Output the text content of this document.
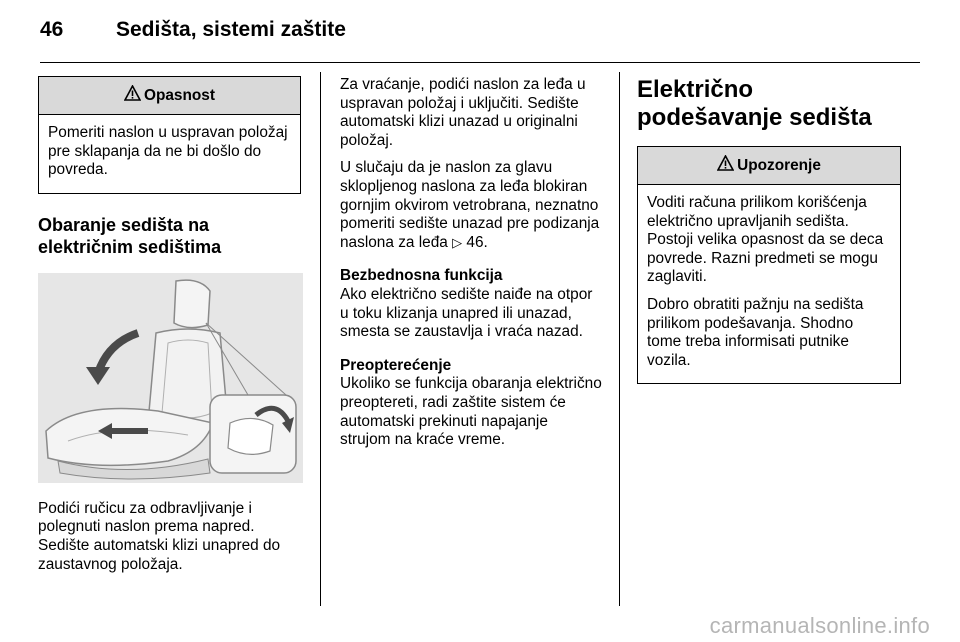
46	Sedišta, sistemi zaštite
Opasnost

Pomeriti naslon u uspravan položaj pre sklapanja da ne bi došlo do povreda.

Obaranje sedišta na električnim sedištima

Podići ručicu za odbravljivanje i polegnuti naslon prema napred. Sedište automatski klizi unapred do zaustavnog položaja.

Za vraćanje, podići naslon za leđa u uspravan položaj i uključiti. Sedište automatski klizi unazad u originalni položaj.

U slučaju da je naslon za glavu sklopljenog naslona za leđa blokiran gornjim okvirom vetrobrana, neznatno pomeriti sedište unazad pre podizanja naslona za leđa ▷ 46.

Bezbednosna funkcija

Ako električno sedište naiđe na otpor u toku klizanja unapred ili unazad, smesta se zaustavlja i vraća nazad.

Preopterećenje

Ukoliko se funkcija obaranja električno preoptereti, radi zaštite sistem će automatski prekinuti napajanje strujom na kraće vreme.

Električno podešavanje sedišta
Upozorenje

Voditi računa prilikom korišćenja električno upravljanih sedišta. Postoji velika opasnost da se deca povrede. Razni predmeti se mogu zaglaviti.

Dobro obratiti pažnju na sedišta prilikom podešavanja. Shodno tome treba informisati putnike vozila.

carmanualsonline.info
